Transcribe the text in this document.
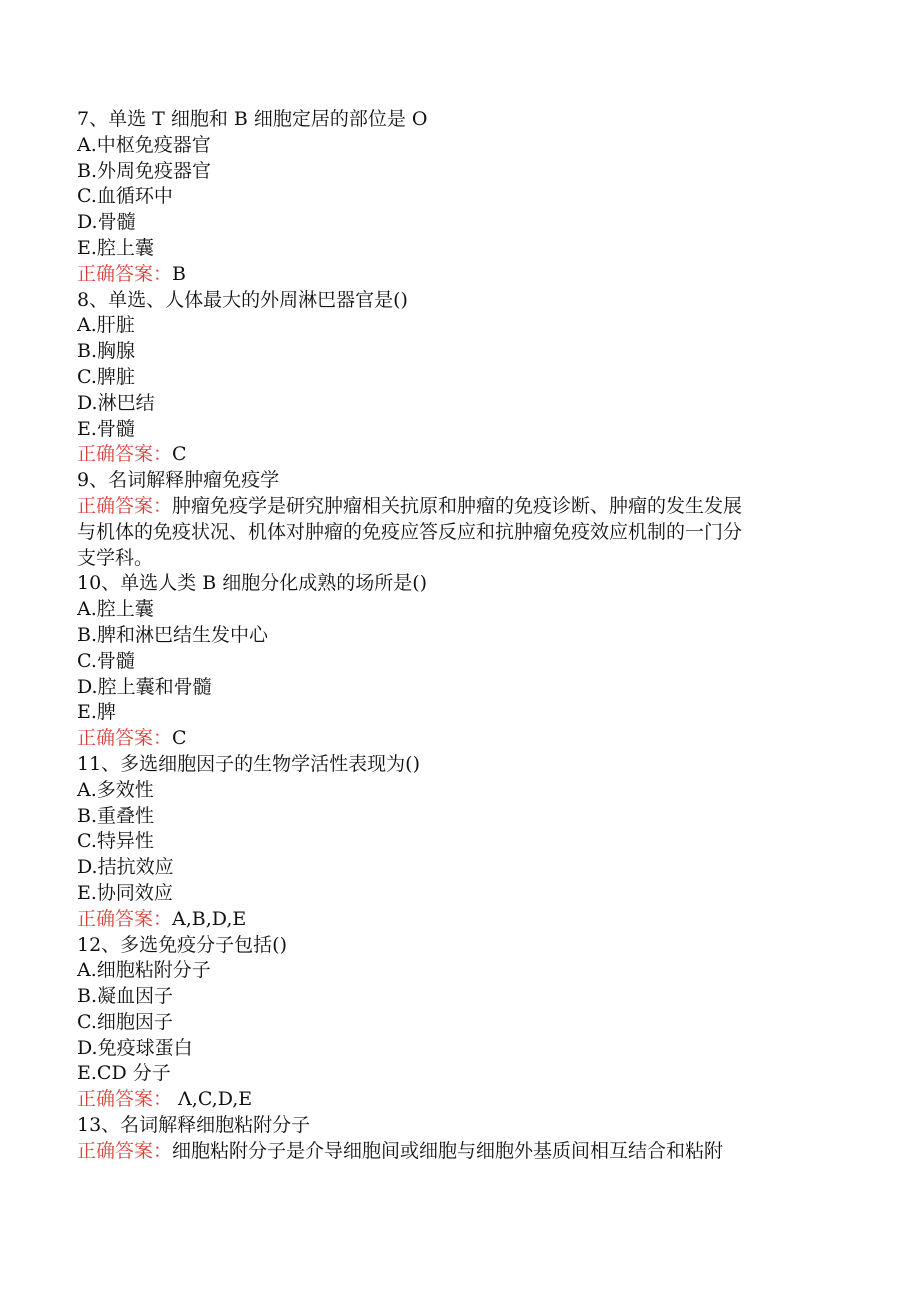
7、单选 T 细胞和 B 细胞定居的部位是 O

A.中枢免疫器官

B.外周免疫器官

C.血循环中

D.骨髓

E.腔上囊

正确答案：B

8、单选、人体最大的外周淋巴器官是()

A.肝脏

B.胸腺

C.脾脏

D.淋巴结

E.骨髓

正确答案：C

9、名词解释肿瘤免疫学

正确答案：肿瘤免疫学是研究肿瘤相关抗原和肿瘤的免疫诊断、肿瘤的发生发展

与机体的免疫状况、机体对肿瘤的免疫应答反应和抗肿瘤免疫效应机制的一门分

支学科。

10、单选人类 B 细胞分化成熟的场所是()

A.腔上囊

B.脾和淋巴结生发中心

C.骨髓

D.腔上囊和骨髓

E.脾

正确答案：C

11、多选细胞因子的生物学活性表现为()

A.多效性

B.重叠性

C.特异性

D.拮抗效应

E.协同效应

正确答案：A,B,D,E

12、多选免疫分子包括()

A.细胞粘附分子

B.凝血因子

C.细胞因子

D.免疫球蛋白

E.CD 分子

正确答案： Λ,C,D,E

13、名词解释细胞粘附分子

正确答案：细胞粘附分子是介导细胞间或细胞与细胞外基质间相互结合和粘附
